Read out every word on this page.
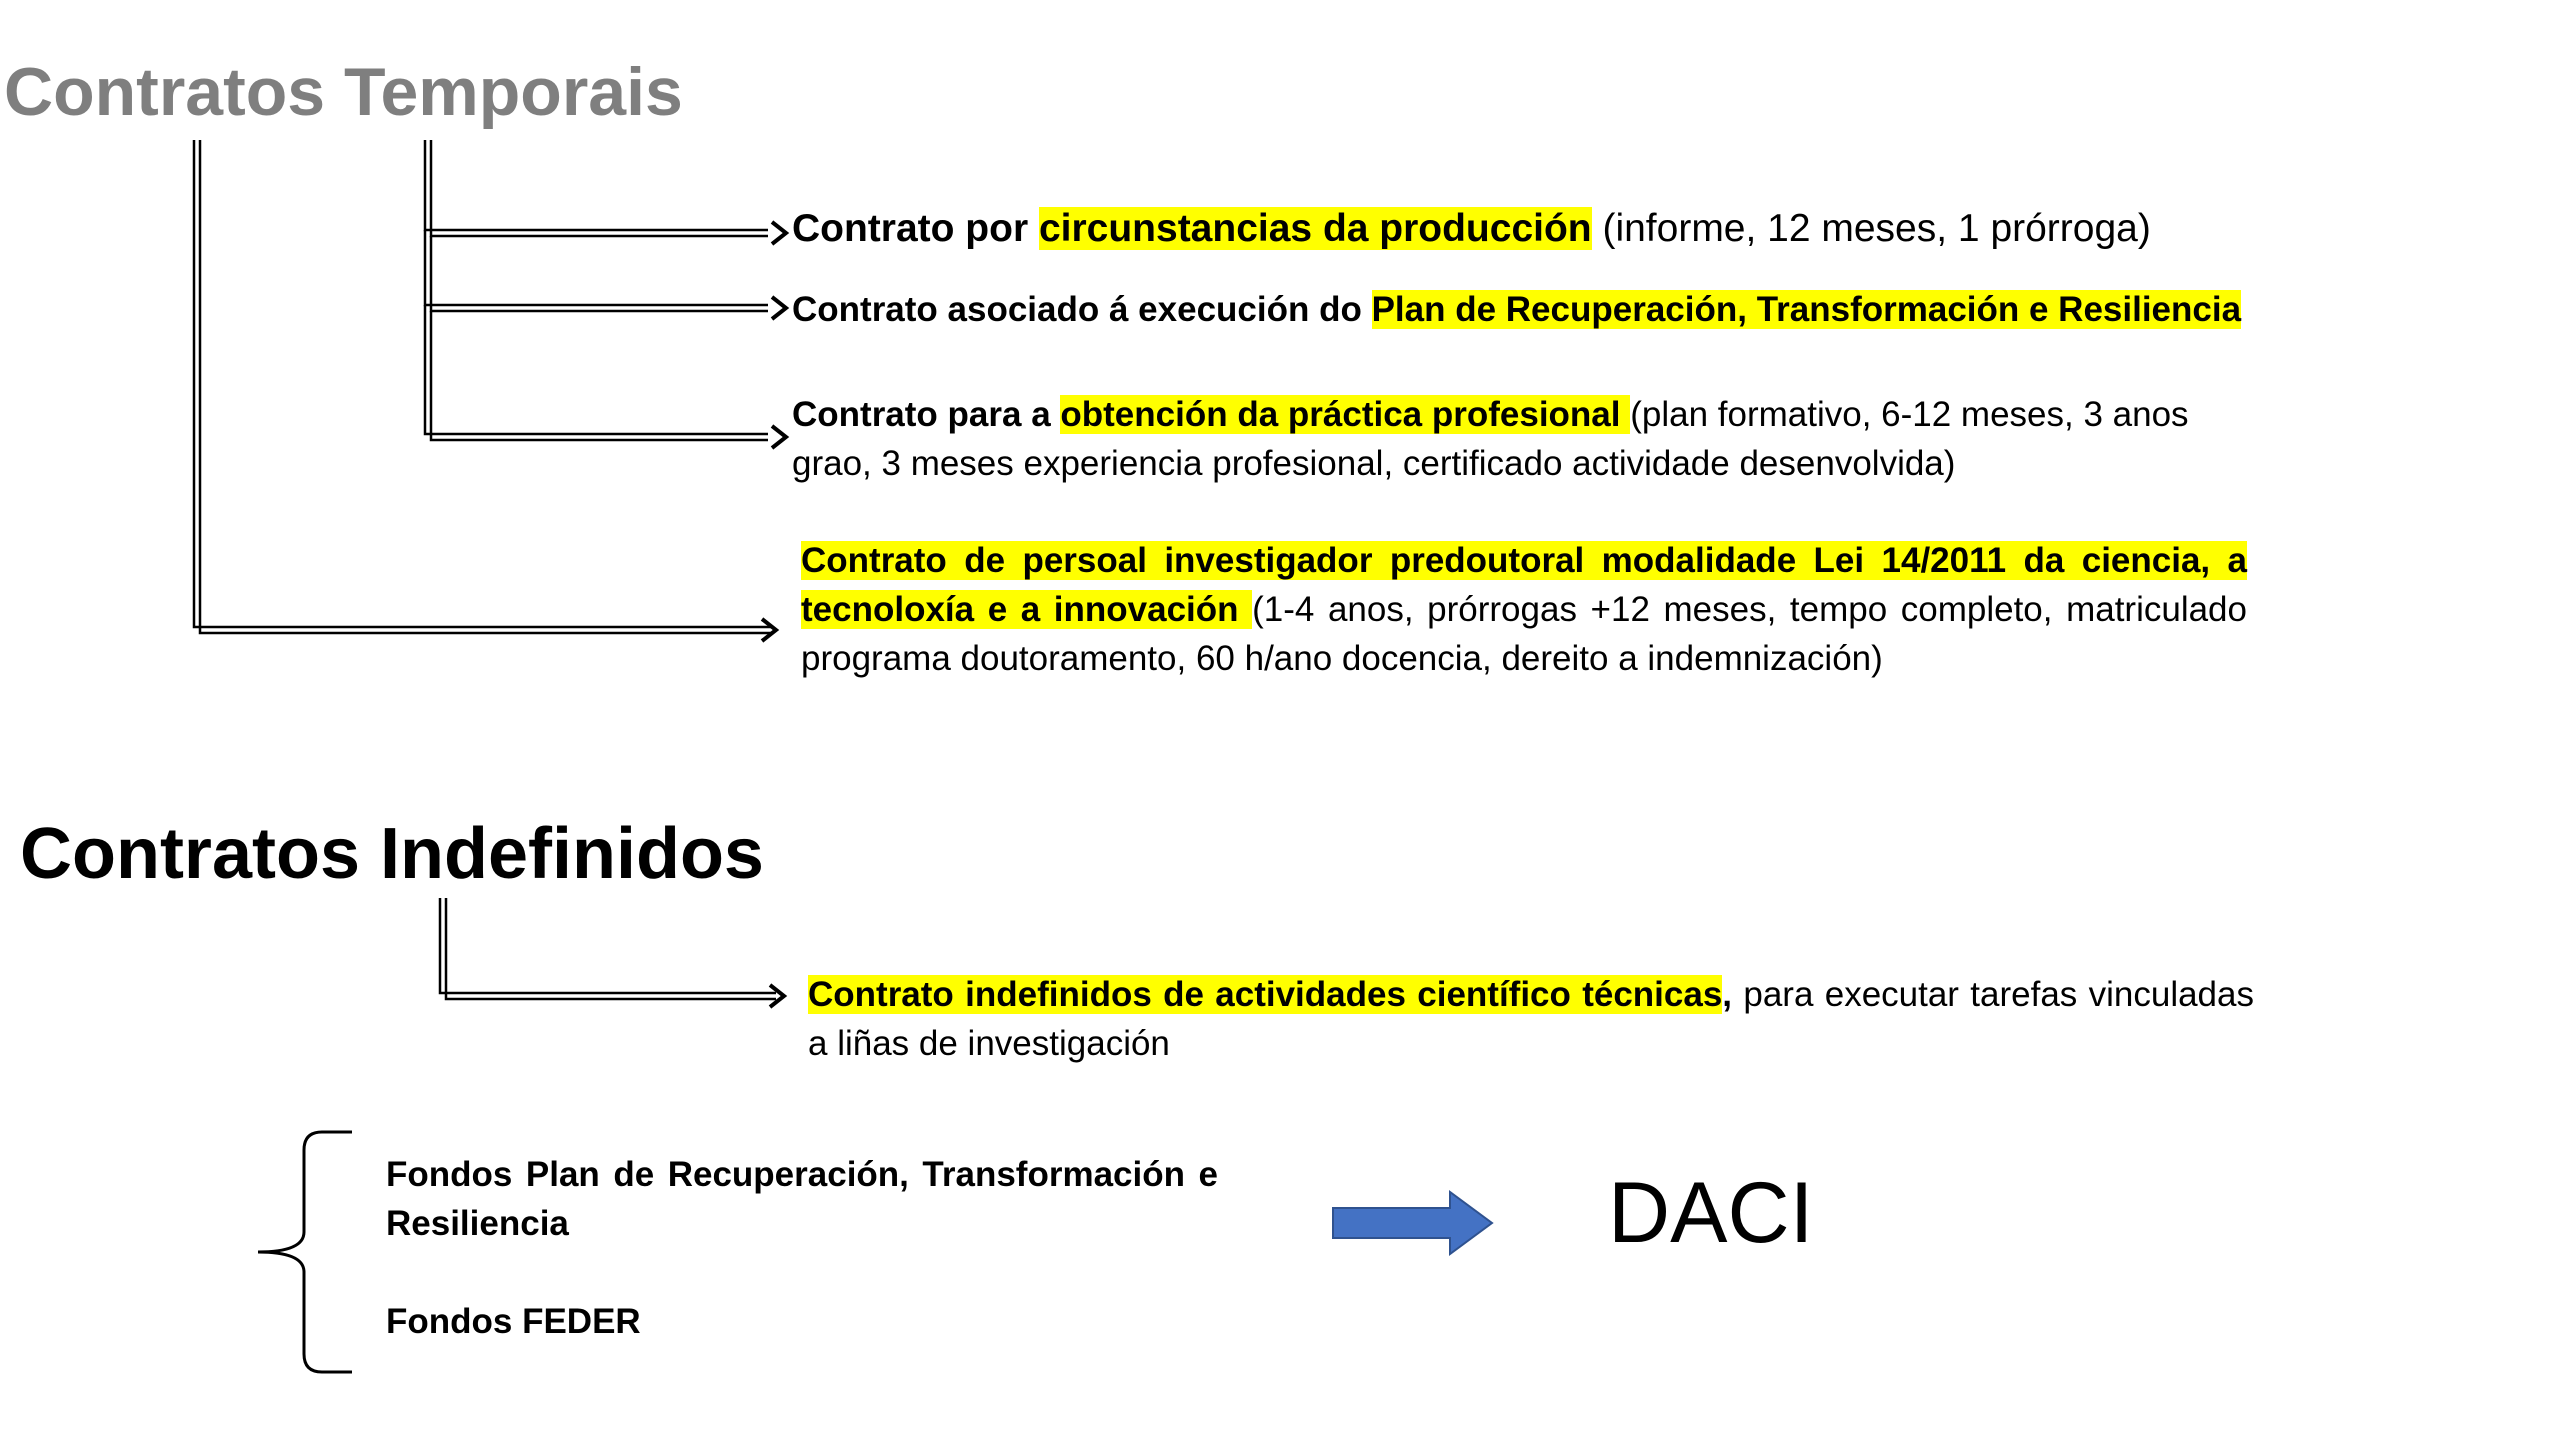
Contratos Temporais
Contrato por circunstancias da producción (informe, 12 meses, 1 prórroga)
Contrato asociado á execución do Plan de Recuperación, Transformación e Resiliencia
Contrato para a obtención da práctica profesional (plan formativo, 6-12 meses, 3 anos grao, 3 meses experiencia profesional, certificado actividade desenvolvida)
Contrato de persoal investigador predoutoral modalidade Lei 14/2011 da ciencia, a tecnoloxía e a innovación (1-4 anos, prórrogas +12 meses, tempo completo, matriculado programa doutoramento, 60 h/ano docencia, dereito a indemnización)
Contratos Indefinidos
Contrato indefinidos de actividades científico técnicas, para executar tarefas vinculadas a liñas de investigación
Fondos Plan de Recuperación, Transformación e Resiliencia
Fondos FEDER
DACI
